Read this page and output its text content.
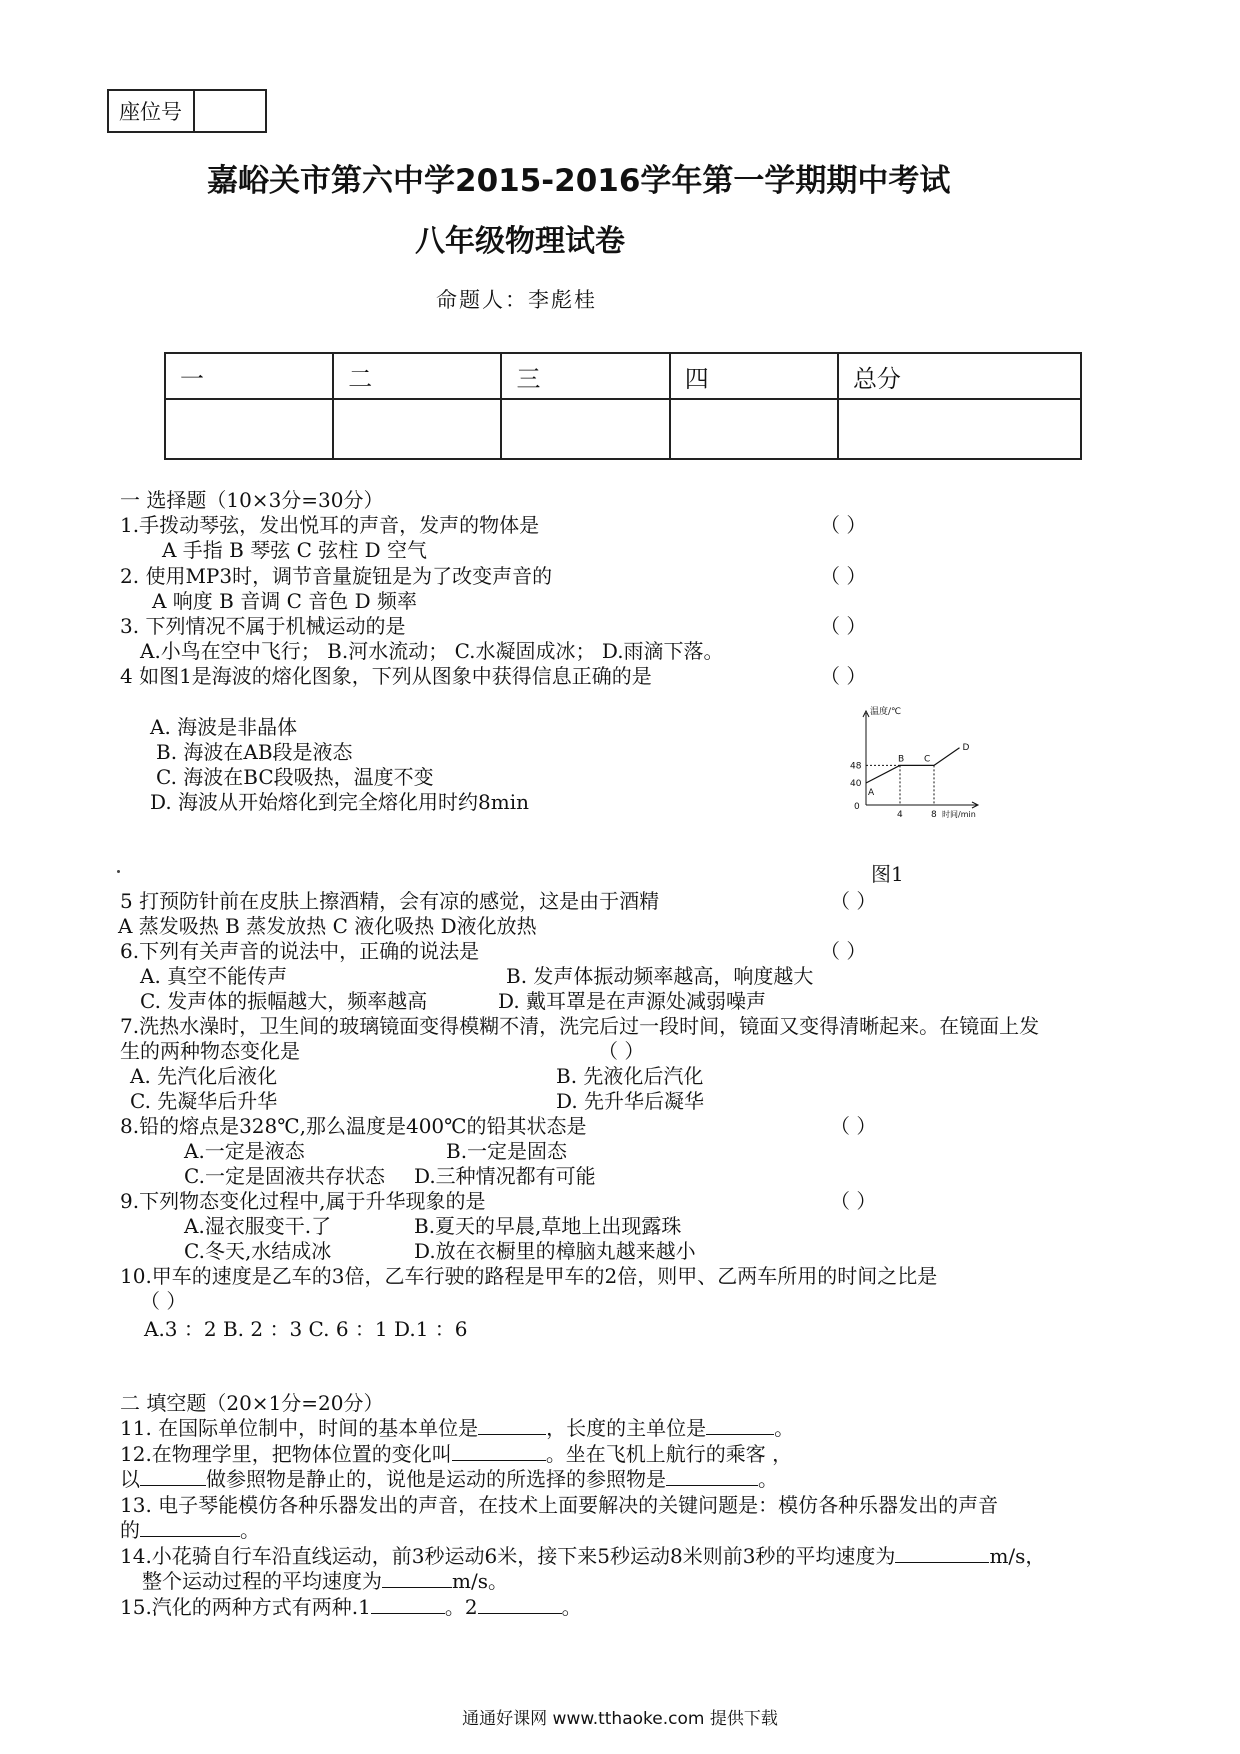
座位号
嘉峪关市第六中学2015-2016学年第一学期期中考试
八年级物理试卷
命题人：李彪桂
一	二	三	四	总分

一 选择题（10×3分=30分）
1.手拨动琴弦，发出悦耳的声音，发声的物体是	（ ）
A 手指 B 琴弦 C 弦柱 D 空气
2. 使用MP3时，调节音量旋钮是为了改变声音的	（ ）
A 响度 B 音调 C 音色 D 频率
3. 下列情况不属于机械运动的是	（ ）
A.小鸟在空中飞行； B.河水流动； C.水凝固成冰； D.雨滴下落。
4 如图1是海波的熔化图象，下列从图象中获得信息正确的是	（ ）
A. 海波是非晶体
B. 海波在AB段是液态
C. 海波在BC段吸热，温度不变
D. 海波从开始熔化到完全熔化用时约8min
温度/℃
时间/min
48
40
0
4	8
A
B C
D
图1
5 打预防针前在皮肤上擦酒精，会有凉的感觉，这是由于酒精	（ ）
A 蒸发吸热 B 蒸发放热 C 液化吸热 D液化放热
6.下列有关声音的说法中，正确的说法是	（ ）
A. 真空不能传声	B. 发声体振动频率越高，响度越大
C. 发声体的振幅越大，频率越高	D. 戴耳罩是在声源处减弱噪声
7.洗热水澡时，卫生间的玻璃镜面变得模糊不清，洗完后过一段时间，镜面又变得清晰起来。在镜面上发
生的两种物态变化是	（ ）
A. 先汽化后液化	B. 先液化后汽化
C. 先凝华后升华	D. 先升华后凝华
8.铅的熔点是328℃,那么温度是400℃的铅其状态是	（ ）
A.一定是液态	B.一定是固态
C.一定是固液共存状态 D.三种情况都有可能
9.下列物态变化过程中,属于升华现象的是	（ ）
A.湿衣服变干.了	B.夏天的早晨,草地上出现露珠
C.冬天,水结成冰	D.放在衣橱里的樟脑丸越来越小
10.甲车的速度是乙车的3倍，乙车行驶的路程是甲车的2倍，则甲、乙两车所用的时间之比是
（ ）
A.3 ：2 B. 2 ：3 C. 6 ：1 D.1 ：6
二 填空题（20×1分=20分）
11. 在国际单位制中，时间的基本单位是	，长度的主单位是	。
12.在物理学里，把物体位置的变化叫	。坐在飞机上航行的乘客 ，
以	做参照物是静止的，说他是运动的所选择的参照物是	。
13. 电子琴能模仿各种乐器发出的声音，在技术上面要解决的关键问题是：模仿各种乐器发出的声音
的	。
14.小花骑自行车沿直线运动，前3秒运动6米，接下来5秒运动8米则前3秒的平均速度为	m/s，
整个运动过程的平均速度为	m/s。
15.汽化的两种方式有两种.1	。2	。
通通好课网 www.tthaoke.com 提供下载
